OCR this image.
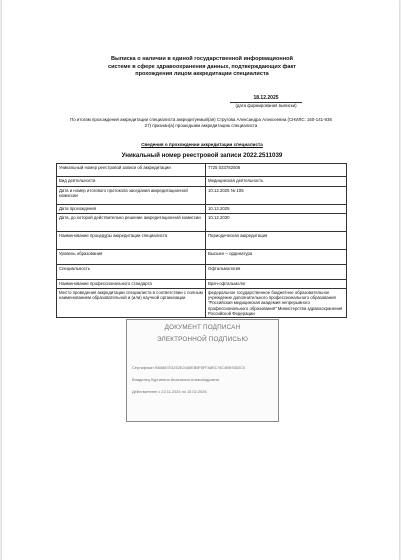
Выписка о наличии в единой государственной информационной
системе в сфере здравоохранения данных, подтверждающих факт
прохождения лицом аккредитации специалиста
18.12.2025
(дата формирования выписки)
По итогам прохождения аккредитации специалиста аккредитуемый(ая) Стругова Александра Алексеевна (СНИЛС: 160-141-936
27) признан(а) прошедшим аккредитацию специалиста
Сведения о прохождении аккредитации специалиста
Уникальный номер реестровой записи 2022.2511039
Уникальный номер реестровой записи об аккредитации	7725 033782506
Вид деятельности	Медицинская деятельность
Дата и номер итогового протокола заседания аккредитационной комиссии	10.12.2025 № 105
Дата прохождения	10.12.2025
Дата, до которой действительно решение аккредитационной комиссии	10.12.2030
Наименование процедуры аккредитации специалиста	Периодическая аккредитация
Уровень образования	Высшее – ординатура
Специальность	Офтальмология
Наименование профессионального стандарта	Врач-офтальмолог
Место проведения аккредитации специалиста в соответствии с полным наименованием образовательной и (или) научной организации	федеральное государственное бюджетное образовательное учреждение дополнительного профессионального образования "Российская медицинская академия непрерывного профессионального образования" Министерства здравоохранения Российской Федерации
ДОКУМЕНТ ПОДПИСАН
ЭЛЕКТРОННОЙ ПОДПИСЬЮ
Сертификат B60887E3252E2480EB5F6FFA8E174C4BE9352C0
Владелец Кургинина Анастасия Александровна
Действителен с 22.11.2024 по 15.02.2026
